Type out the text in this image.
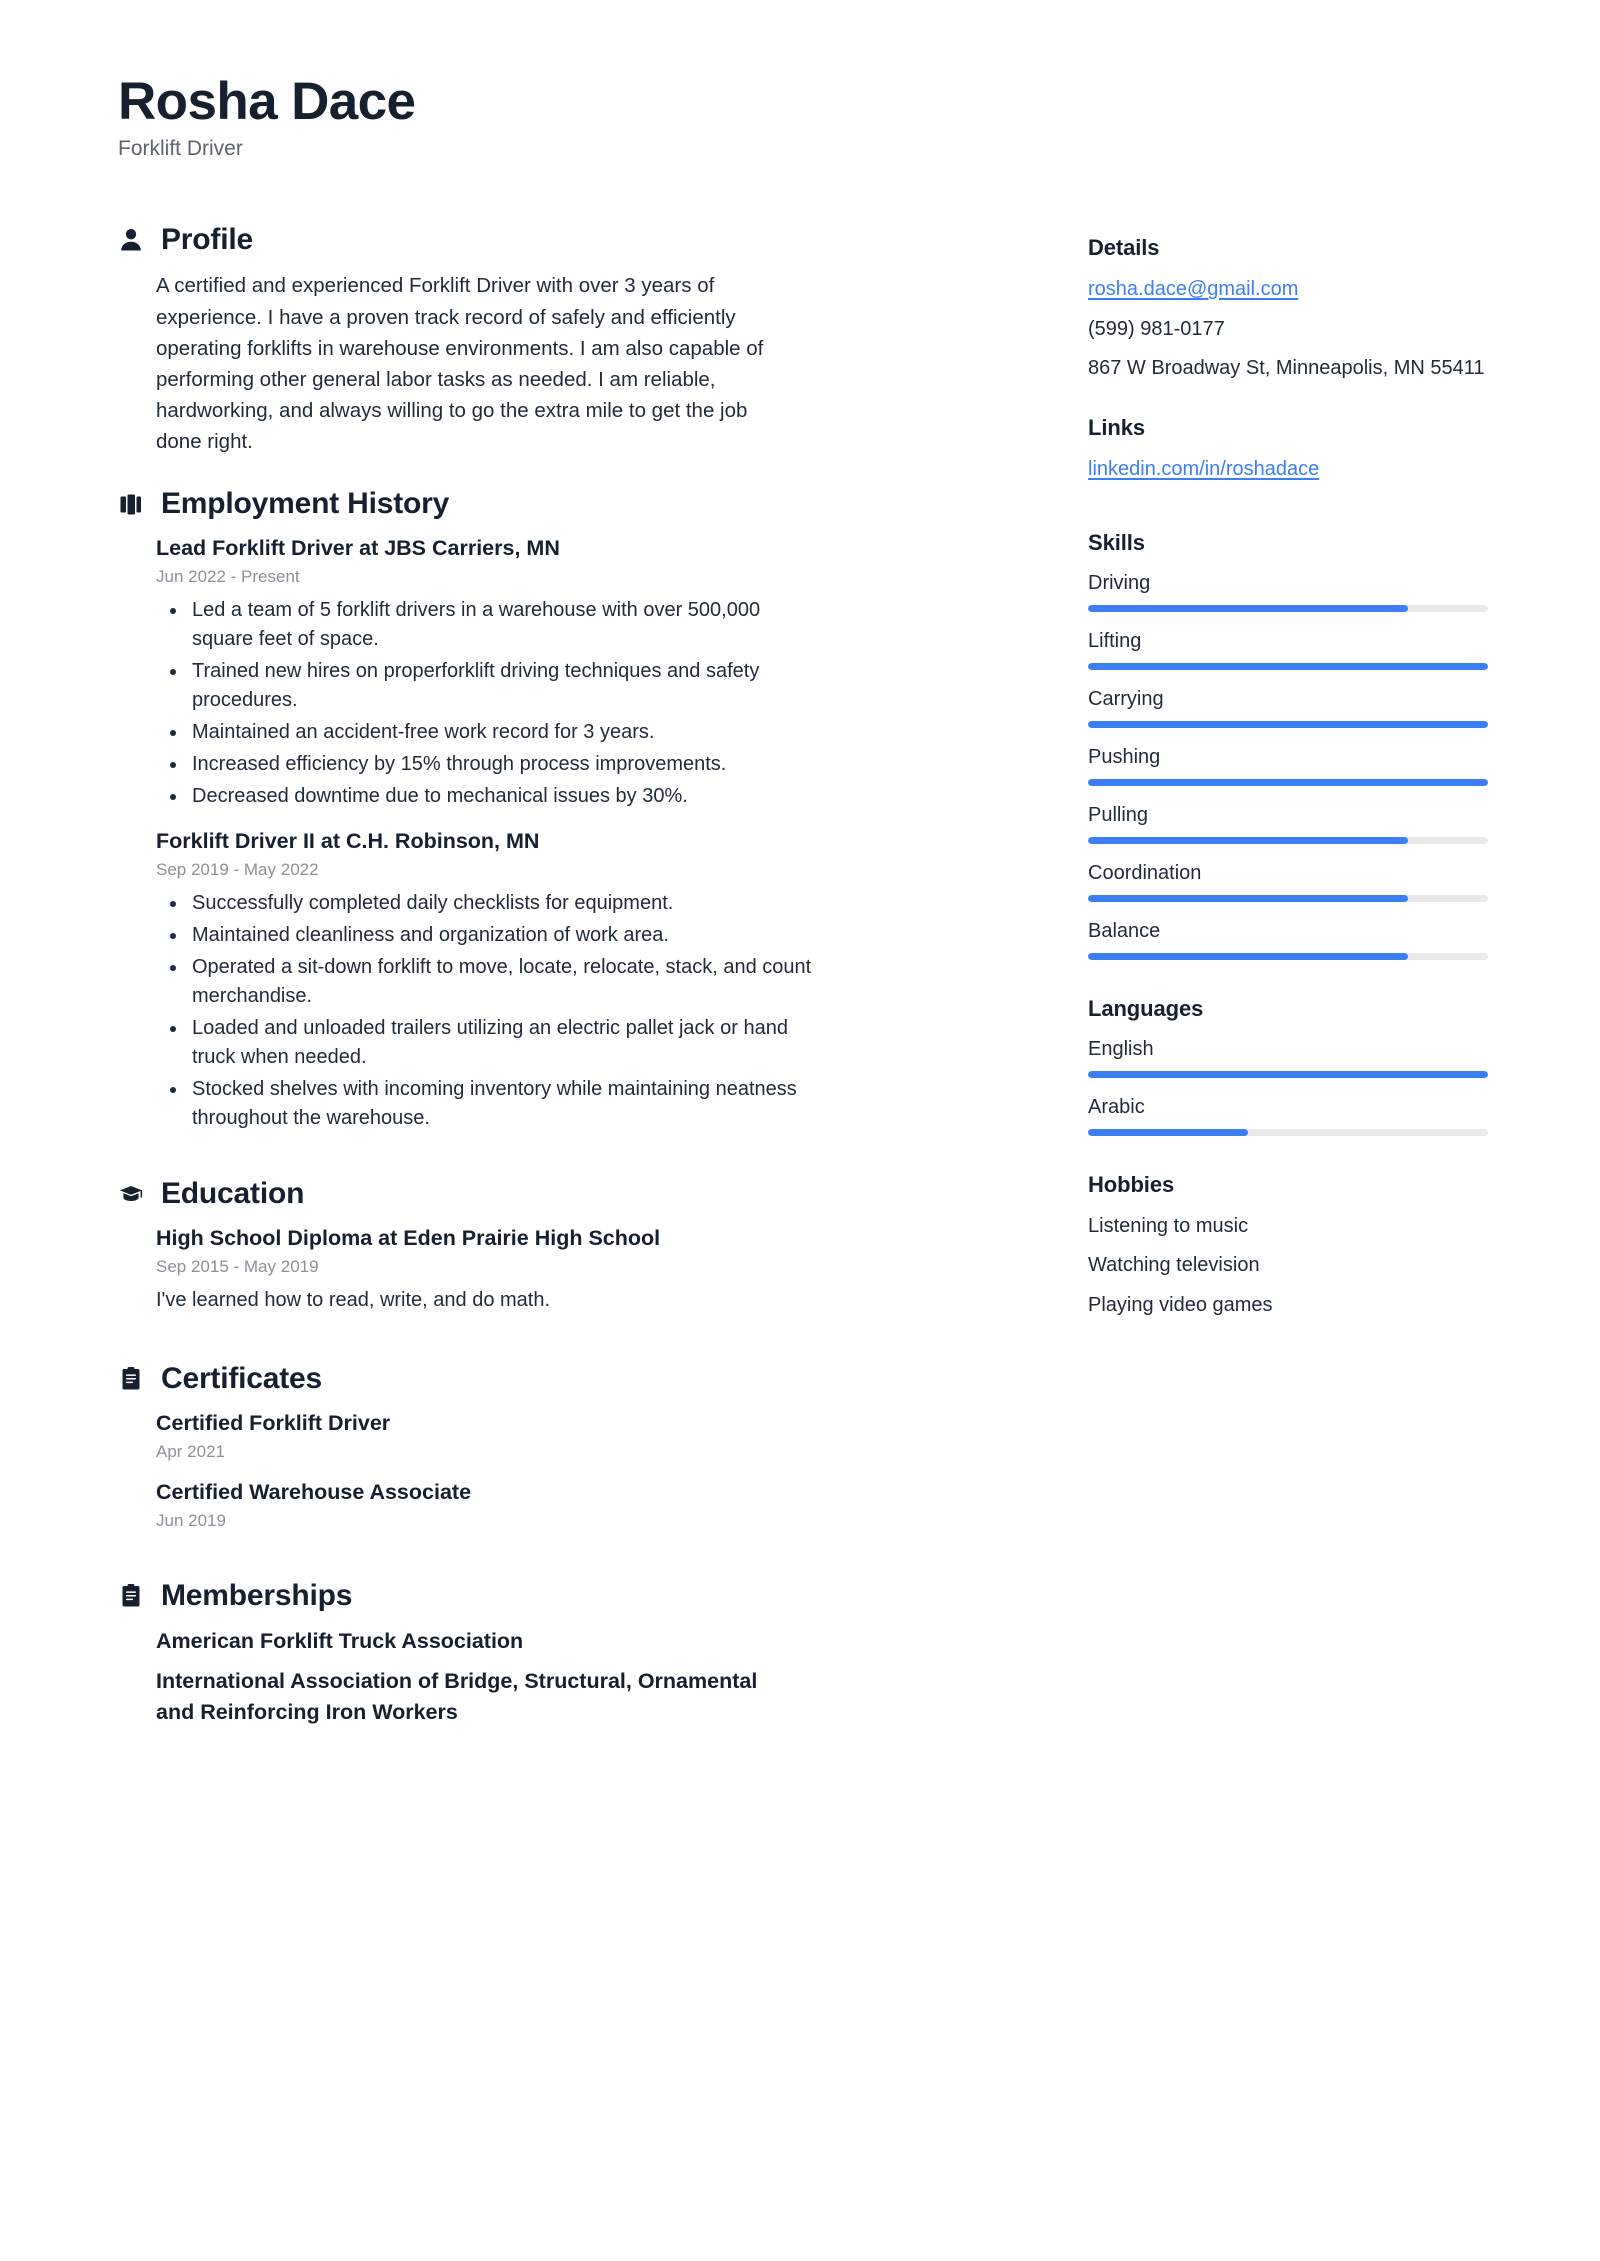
Rosha Dace
Forklift Driver
Profile
A certified and experienced Forklift Driver with over 3 years of experience. I have a proven track record of safely and efficiently operating forklifts in warehouse environments. I am also capable of performing other general labor tasks as needed. I am reliable, hardworking, and always willing to go the extra mile to get the job done right.
Employment History
Lead Forklift Driver at JBS Carriers, MN
Jun 2022 - Present
Led a team of 5 forklift drivers in a warehouse with over 500,000 square feet of space.
Trained new hires on properforklift driving techniques and safety procedures.
Maintained an accident-free work record for 3 years.
Increased efficiency by 15% through process improvements.
Decreased downtime due to mechanical issues by 30%.
Forklift Driver II at C.H. Robinson, MN
Sep 2019 - May 2022
Successfully completed daily checklists for equipment.
Maintained cleanliness and organization of work area.
Operated a sit-down forklift to move, locate, relocate, stack, and count merchandise.
Loaded and unloaded trailers utilizing an electric pallet jack or hand truck when needed.
Stocked shelves with incoming inventory while maintaining neatness throughout the warehouse.
Education
High School Diploma at Eden Prairie High School
Sep 2015 - May 2019
I've learned how to read, write, and do math.
Certificates
Certified Forklift Driver
Apr 2021
Certified Warehouse Associate
Jun 2019
Memberships
American Forklift Truck Association
International Association of Bridge, Structural, Ornamental and Reinforcing Iron Workers
Details
rosha.dace@gmail.com
(599) 981-0177
867 W Broadway St, Minneapolis, MN 55411
Links
linkedin.com/in/roshadace
Skills
Driving
Lifting
Carrying
Pushing
Pulling
Coordination
Balance
Languages
English
Arabic
Hobbies
Listening to music
Watching television
Playing video games
